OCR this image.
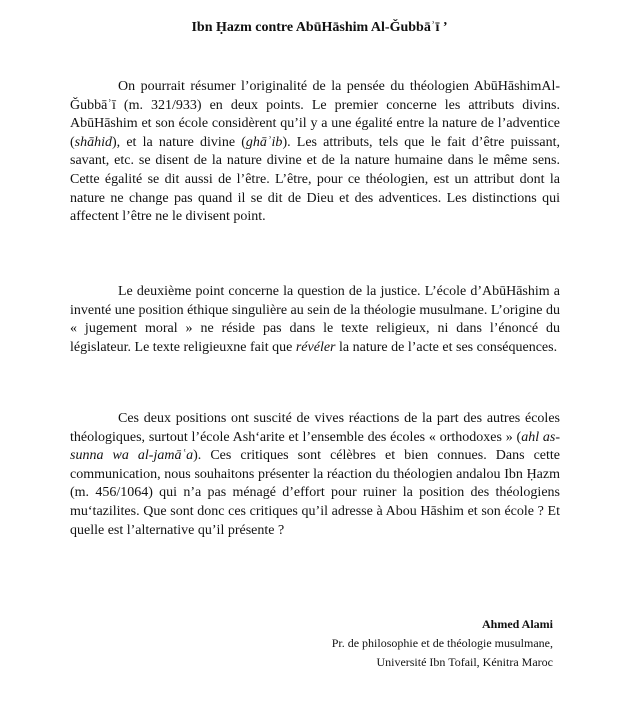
Ibn Ḥazm contre AbūHāshim Al-Ǧubbāʾī ’

On pourrait résumer l’originalité de la pensée du théologien AbūHāshimAl-Ǧubbāʾī (m. 321/933) en deux points. Le premier concerne les attributs divins. AbūHāshim et son école considèrent qu’il y a une égalité entre la nature de l’adventice (shāhid), et la nature divine (ghāʾib). Les attributs, tels que le fait d’être puissant, savant, etc. se disent de la nature divine et de la nature humaine dans le même sens. Cette égalité se dit aussi de l’être. L’être, pour ce théologien, est un attribut dont la nature ne change pas quand il se dit de Dieu et des adventices. Les distinctions qui affectent l’être ne le divisent point.

Le deuxième point concerne la question de la justice. L’école d’AbūHāshim a inventé une position éthique singulière au sein de la théologie musulmane. L’origine du « jugement moral » ne réside pas dans le texte religieux, ni dans l’énoncé du législateur. Le texte religieuxne fait que révéler la nature de l’acte et ses conséquences.

Ces deux positions ont suscité de vives réactions de la part des autres écoles théologiques, surtout l’école Ash‘arite et l’ensemble des écoles « orthodoxes » (ahl as-sunna wa al-jamāʿa). Ces critiques sont célèbres et bien connues. Dans cette communication, nous souhaitons présenter la réaction du théologien andalou Ibn Ḥazm (m. 456/1064) qui n’a pas ménagé d’effort pour ruiner la position des théologiens mu‘tazilites. Que sont donc ces critiques qu’il adresse à Abou Hāshim et son école ? Et quelle est l’alternative qu’il présente ?

Ahmed Alami
Pr. de philosophie et de théologie musulmane,
Université Ibn Tofail, Kénitra Maroc
